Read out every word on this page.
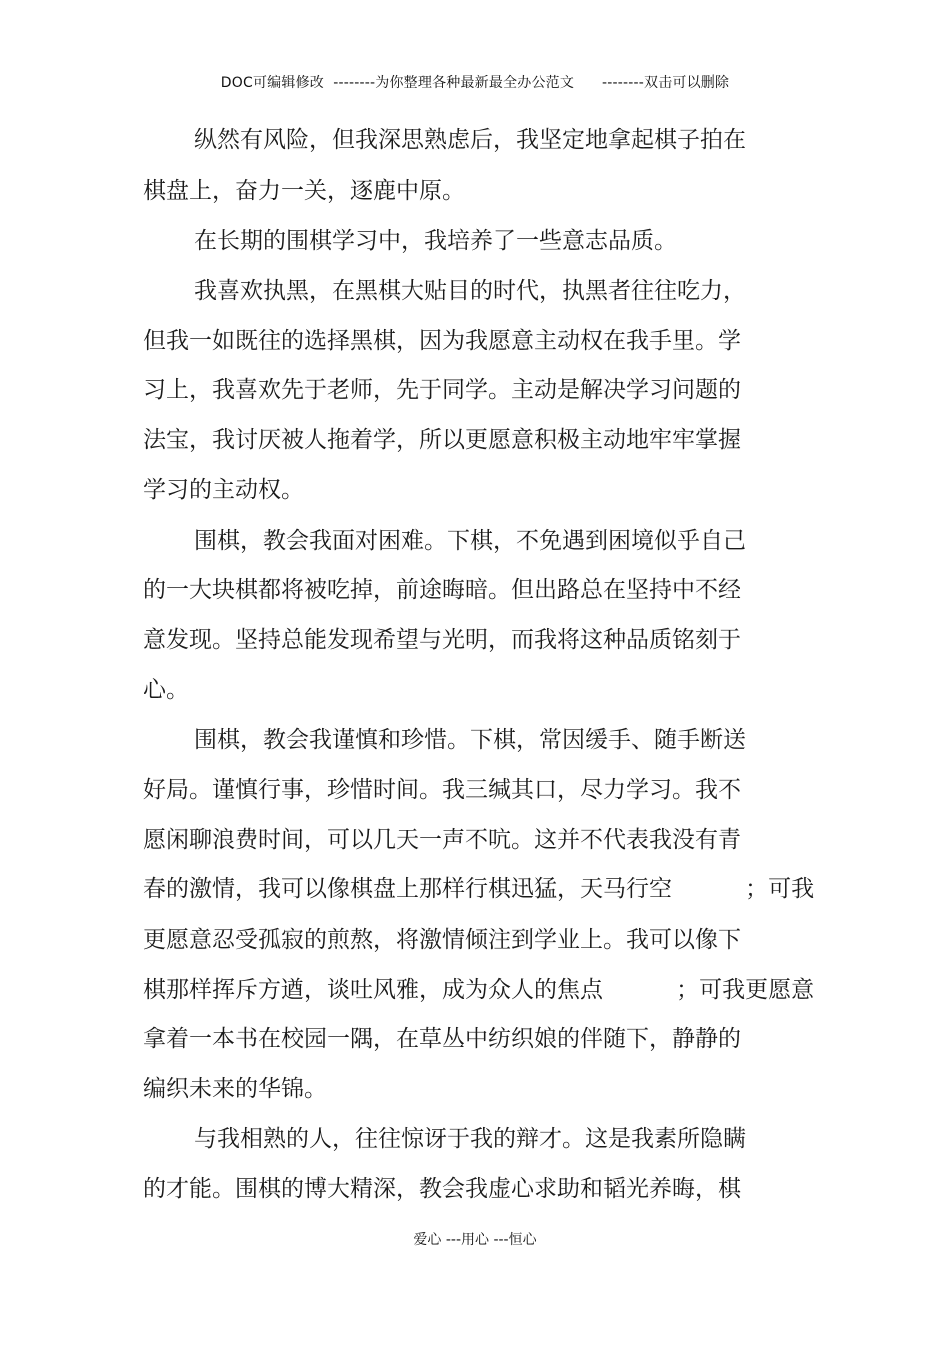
DOC可编辑修改  --------为你整理各种最新最全办公范文      --------双击可以删除
纵然有风险，但我深思熟虑后，我坚定地拿起棋子拍在
棋盘上，奋力一关，逐鹿中原。
在长期的围棋学习中，我培养了一些意志品质。
我喜欢执黑，在黑棋大贴目的时代，执黑者往往吃力，
但我一如既往的选择黑棋，因为我愿意主动权在我手里。学
习上，我喜欢先于老师，先于同学。主动是解决学习问题的
法宝，我讨厌被人拖着学，所以更愿意积极主动地牢牢掌握
学习的主动权。
围棋，教会我面对困难。下棋，不免遇到困境似乎自己
的一大块棋都将被吃掉，前途晦暗。但出路总在坚持中不经
意发现。坚持总能发现希望与光明，而我将这种品质铭刻于
心。
围棋，教会我谨慎和珍惜。下棋，常因缓手、随手断送
好局。谨慎行事，珍惜时间。我三缄其口，尽力学习。我不
愿闲聊浪费时间，可以几天一声不吭。这并不代表我没有青
春的激情，我可以像棋盘上那样行棋迅猛，天马行空          ；可我
更愿意忍受孤寂的煎熬，将激情倾注到学业上。我可以像下
棋那样挥斥方遒，谈吐风雅，成为众人的焦点          ；可我更愿意
拿着一本书在校园一隅，在草丛中纺织娘的伴随下，静静的
编织未来的华锦。
与我相熟的人，往往惊讶于我的辩才。这是我素所隐瞒
的才能。围棋的博大精深，教会我虚心求助和韬光养晦，棋
爱心 ---用心 ---恒心
